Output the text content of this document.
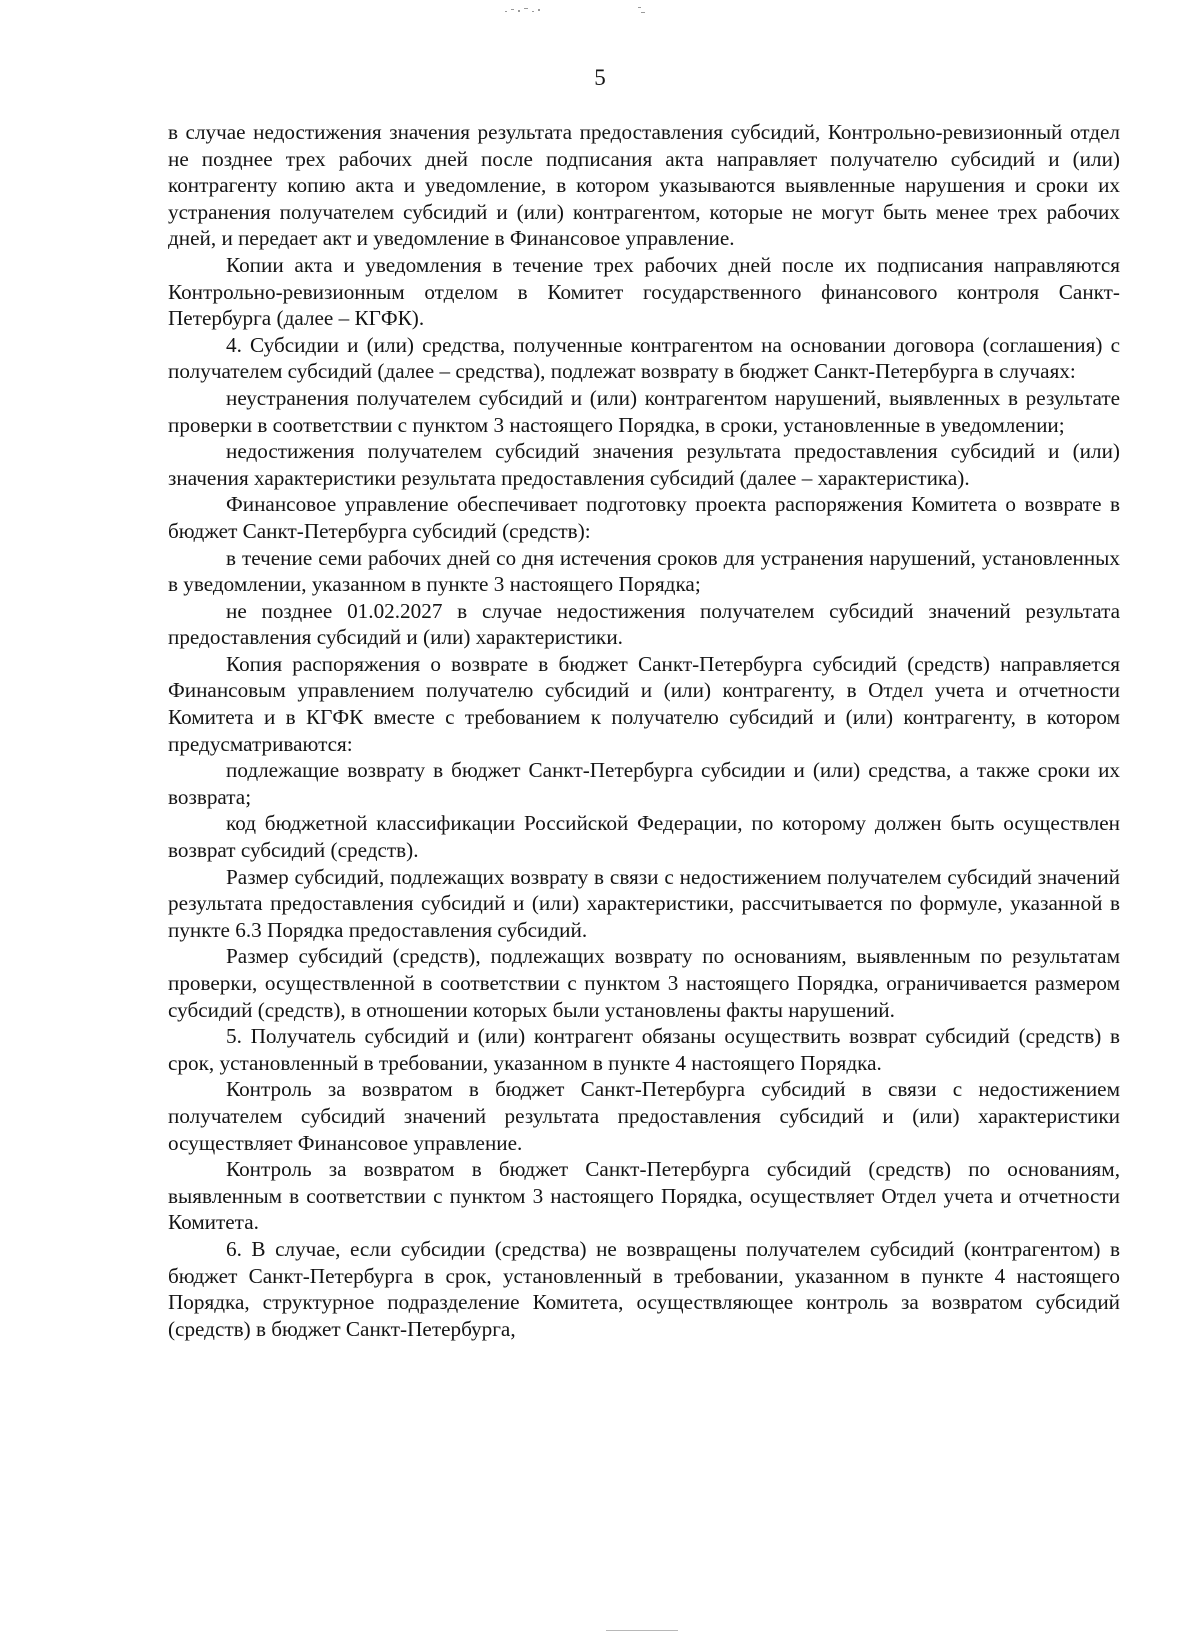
5

в случае недостижения значения результата предоставления субсидий, Контрольно-ревизионный отдел не позднее трех рабочих дней после подписания акта направляет получателю субсидий и (или) контрагенту копию акта и уведомление, в котором указываются выявленные нарушения и сроки их устранения получателем субсидий и (или) контрагентом, которые не могут быть менее трех рабочих дней, и передает акт и уведомление в Финансовое управление.

Копии акта и уведомления в течение трех рабочих дней после их подписания направляются Контрольно-ревизионным отделом в Комитет государственного финансового контроля Санкт-Петербурга (далее – КГФК).

4. Субсидии и (или) средства, полученные контрагентом на основании договора (соглашения) с получателем субсидий (далее – средства), подлежат возврату в бюджет Санкт-Петербурга в случаях:

неустранения получателем субсидий и (или) контрагентом нарушений, выявленных в результате проверки в соответствии с пунктом 3 настоящего Порядка, в сроки, установленные в уведомлении;

недостижения получателем субсидий значения результата предоставления субсидий и (или) значения характеристики результата предоставления субсидий (далее – характеристика).

Финансовое управление обеспечивает подготовку проекта распоряжения Комитета о возврате в бюджет Санкт-Петербурга субсидий (средств):

в течение семи рабочих дней со дня истечения сроков для устранения нарушений, установленных в уведомлении, указанном в пункте 3 настоящего Порядка;

не позднее 01.02.2027 в случае недостижения получателем субсидий значений результата предоставления субсидий и (или) характеристики.

Копия распоряжения о возврате в бюджет Санкт-Петербурга субсидий (средств) направляется Финансовым управлением получателю субсидий и (или) контрагенту, в Отдел учета и отчетности Комитета и в КГФК вместе с требованием к получателю субсидий и (или) контрагенту, в котором предусматриваются:

подлежащие возврату в бюджет Санкт-Петербурга субсидии и (или) средства, а также сроки их возврата;

код бюджетной классификации Российской Федерации, по которому должен быть осуществлен возврат субсидий (средств).

Размер субсидий, подлежащих возврату в связи с недостижением получателем субсидий значений результата предоставления субсидий и (или) характеристики, рассчитывается по формуле, указанной в пункте 6.3 Порядка предоставления субсидий.

Размер субсидий (средств), подлежащих возврату по основаниям, выявленным по результатам проверки, осуществленной в соответствии с пунктом 3 настоящего Порядка, ограничивается размером субсидий (средств), в отношении которых были установлены факты нарушений.

5. Получатель субсидий и (или) контрагент обязаны осуществить возврат субсидий (средств) в срок, установленный в требовании, указанном в пункте 4 настоящего Порядка.

Контроль за возвратом в бюджет Санкт-Петербурга субсидий в связи с недостижением получателем субсидий значений результата предоставления субсидий и (или) характеристики осуществляет Финансовое управление.

Контроль за возвратом в бюджет Санкт-Петербурга субсидий (средств) по основаниям, выявленным в соответствии с пунктом 3 настоящего Порядка, осуществляет Отдел учета и отчетности Комитета.

6. В случае, если субсидии (средства) не возвращены получателем субсидий (контрагентом) в бюджет Санкт-Петербурга в срок, установленный в требовании, указанном в пункте 4 настоящего Порядка, структурное подразделение Комитета, осуществляющее контроль за возвратом субсидий (средств) в бюджет Санкт-Петербурга,
